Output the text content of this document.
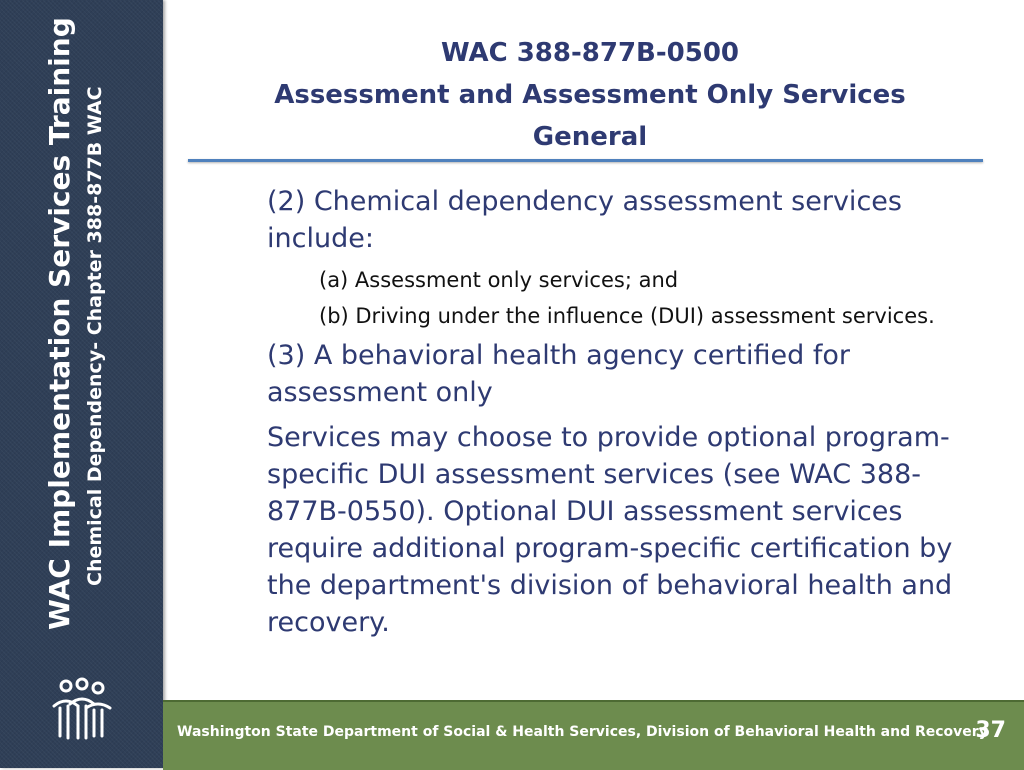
WAC Implementation Services Training Chemical Dependency- Chapter 388-877B WAC
WAC 388-877B-0500
Assessment and Assessment Only Services
General

(2) Chemical dependency assessment services include:

(a) Assessment only services; and

(b) Driving under the influence (DUI) assessment services.

(3) A behavioral health agency certified for assessment only

Services may choose to provide optional program-specific DUI assessment services (see WAC 388-877B-0550). Optional DUI assessment services require additional program-specific certification by the department's division of behavioral health and recovery.

Washington State Department of Social & Health Services, Division of Behavioral Health and Recovery
37
